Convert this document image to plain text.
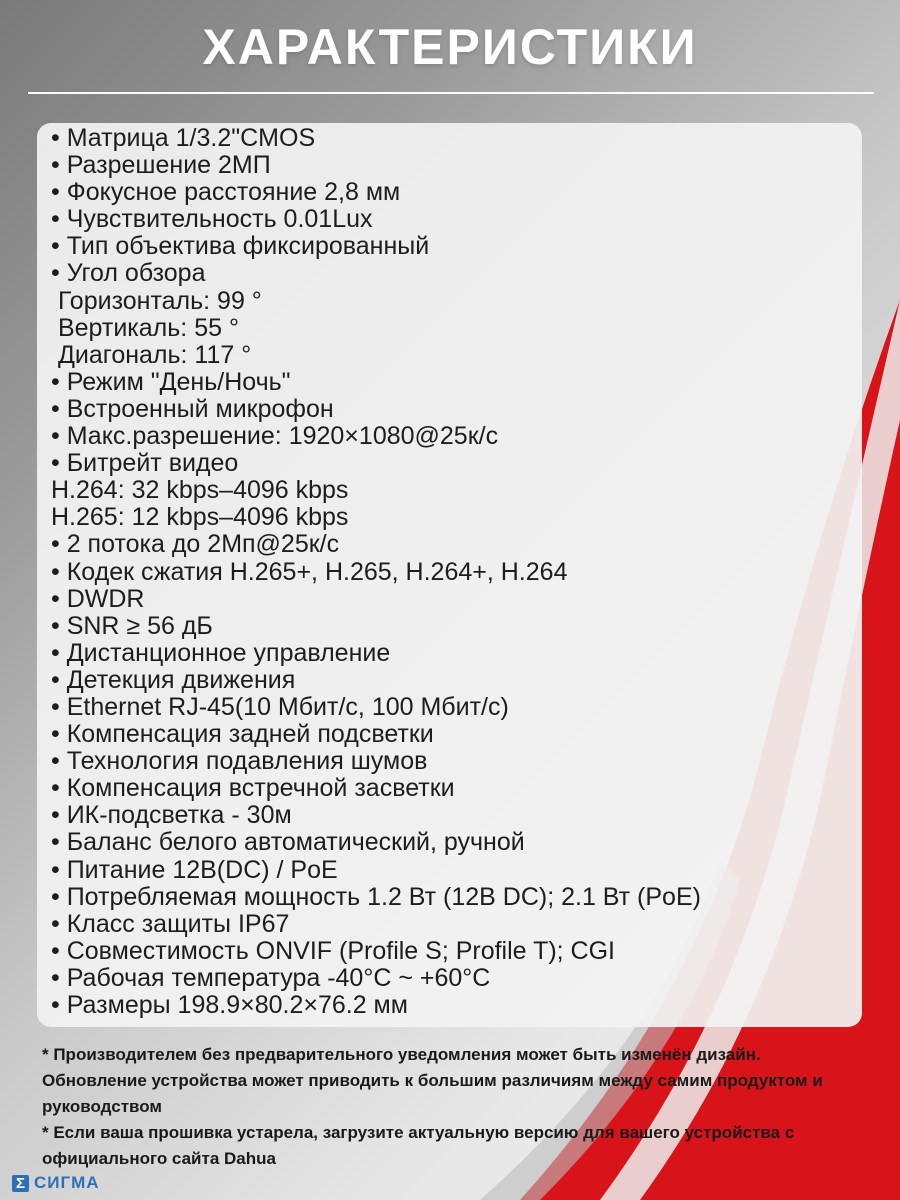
ХАРАКТЕРИСТИКИ
• Матрица 1/3.2"CMOS
• Разрешение 2МП
• Фокусное расстояние 2,8 мм
• Чувствительность 0.01Lux
• Тип объектива фиксированный
• Угол обзора
Горизонталь: 99 °
Вертикаль: 55 °
Диагональ: 117 °
• Режим "День/Ночь"
• Встроенный микрофон
• Макс.разрешение: 1920×1080@25к/с
• Битрейт видео
H.264: 32 kbps–4096 kbps
H.265: 12 kbps–4096 kbps
• 2 потока до 2Мп@25к/с
• Кодек сжатия H.265+, H.265, H.264+, H.264
• DWDR
• SNR ≥ 56 дБ
• Дистанционное управление
• Детекция движения
• Ethernet RJ-45(10 Мбит/с, 100 Мбит/с)
• Компенсация задней подсветки
• Технология подавления шумов
• Компенсация встречной засветки
• ИК-подсветка - 30м
• Баланс белого автоматический, ручной
• Питание 12В(DC) / PoE
• Потребляемая мощность 1.2 Вт (12В DC); 2.1 Вт (PoE)
• Класс защиты IP67
• Совместимость ONVIF (Profile S; Profile T); CGI
• Рабочая температура -40°C ~ +60°C
• Размеры 198.9×80.2×76.2 мм

* Производителем без предварительного уведомления может быть изменён дизайн. Обновление устройства может приводить к большим различиям между самим продуктом и руководством

* Если ваша прошивка устарела, загрузите актуальную версию для вашего устройства с официального сайта Dahua

Σ СИГМА
